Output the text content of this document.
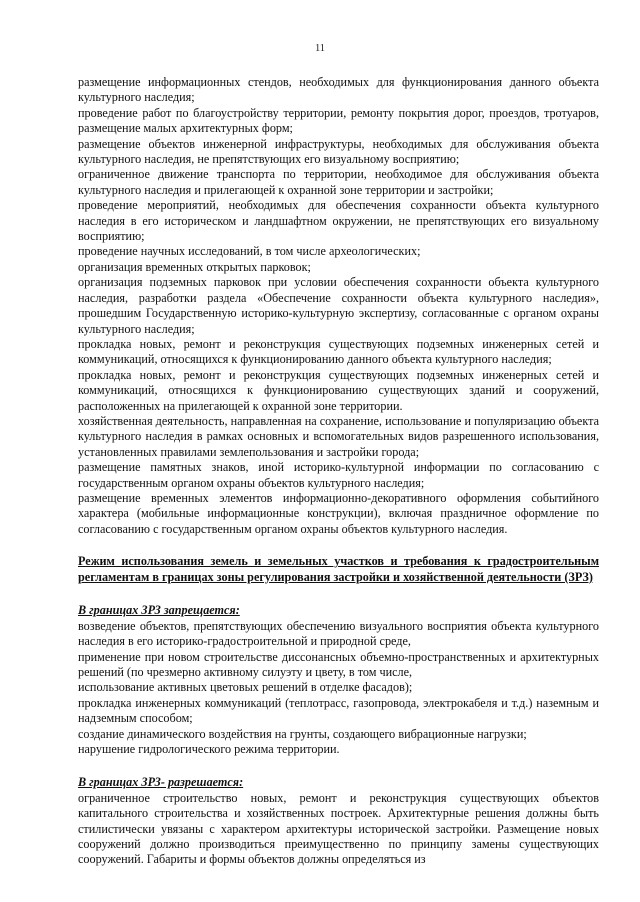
11

размещение информационных стендов, необходимых для функционирования данного объекта культурного наследия;

проведение работ по благоустройству территории, ремонту покрытия дорог, проездов, тротуаров, размещение малых архитектурных форм;

размещение объектов инженерной инфраструктуры, необходимых для обслуживания объекта культурного наследия, не препятствующих его визуальному восприятию;

ограниченное движение транспорта по территории, необходимое для обслуживания объекта культурного наследия и прилегающей к охранной зоне территории и застройки;

проведение мероприятий, необходимых для обеспечения сохранности объекта культурного наследия в его историческом и ландшафтном окружении, не препятствующих его визуальному восприятию;

проведение научных исследований, в том числе археологических;

организация временных открытых парковок;

организация подземных парковок при условии обеспечения сохранности объекта культурного наследия, разработки раздела «Обеспечение сохранности объекта культурного наследия», прошедшим Государственную историко-культурную экспертизу, согласованные с органом охраны культурного наследия;

прокладка новых, ремонт и реконструкция существующих подземных инженерных сетей и коммуникаций, относящихся к функционированию данного объекта культурного наследия;

прокладка новых, ремонт и реконструкция существующих подземных инженерных сетей и коммуникаций, относящихся к функционированию существующих зданий и сооружений, расположенных на прилегающей к охранной зоне территории.

хозяйственная деятельность, направленная на сохранение, использование и популяризацию объекта культурного наследия в рамках основных и вспомогательных видов разрешенного использования, установленных правилами землепользования и застройки города;

размещение памятных знаков, иной историко-культурной информации по согласованию с государственным органом охраны объектов культурного наследия;

размещение временных элементов информационно-декоративного оформления событийного характера (мобильные информационные конструкции), включая праздничное оформление по согласованию с государственным органом охраны объектов культурного наследия.

Режим использования земель и земельных участков и требования к градостроительным регламентам в границах зоны регулирования застройки и хозяйственной деятельности (ЗРЗ)

В границах ЗРЗ запрещается:

возведение объектов, препятствующих обеспечению визуального восприятия объекта культурного наследия в его историко-градостроительной и природной среде,

применение при новом строительстве диссонансных объемно-пространственных и архитектурных решений (по чрезмерно активному силуэту и цвету, в том числе,

использование активных цветовых решений в отделке фасадов);

прокладка инженерных коммуникаций (теплотрасс, газопровода, электрокабеля и т.д.) наземным и надземным способом;

создание динамического воздействия на грунты, создающего вибрационные нагрузки;

нарушение гидрологического режима территории.

В границах ЗРЗ- разрешается:

ограниченное строительство новых, ремонт и реконструкция существующих объектов капитального строительства и хозяйственных построек. Архитектурные решения должны быть стилистически увязаны с характером архитектуры исторической застройки. Размещение новых сооружений должно производиться преимущественно по принципу замены существующих сооружений. Габариты и формы объектов должны определяться из
